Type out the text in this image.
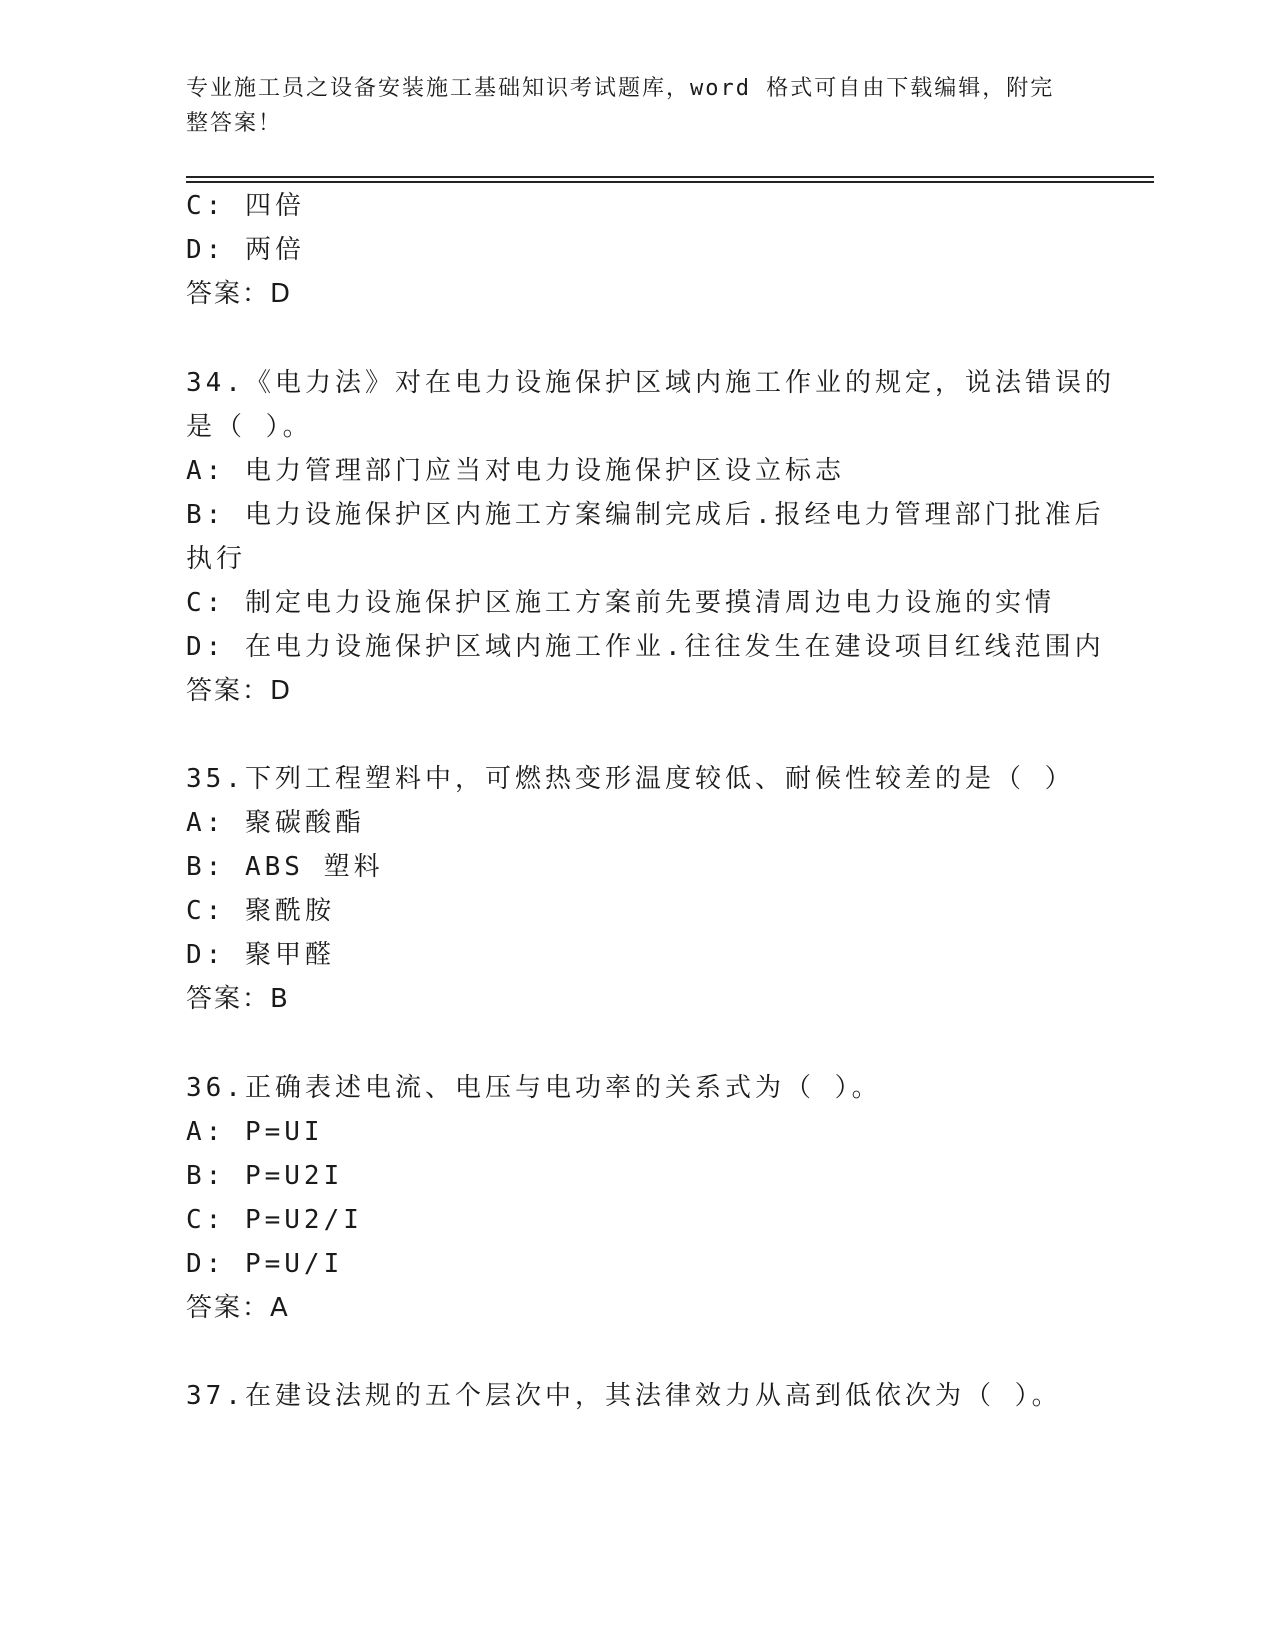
专业施工员之设备安装施工基础知识考试题库，word 格式可自由下载编辑，附完
整答案！
C: 四倍
D: 两倍
答案：D
34.《电力法》对在电力设施保护区域内施工作业的规定，说法错误的
是（ ）。
A: 电力管理部门应当对电力设施保护区设立标志
B: 电力设施保护区内施工方案编制完成后.报经电力管理部门批准后
执行
C: 制定电力设施保护区施工方案前先要摸清周边电力设施的实情
D: 在电力设施保护区域内施工作业.往往发生在建设项目红线范围内
答案：D
35.下列工程塑料中，可燃热变形温度较低、耐候性较差的是（ ）
A: 聚碳酸酯
B: ABS 塑料
C: 聚酰胺
D: 聚甲醛
答案：B
36.正确表述电流、电压与电功率的关系式为（ ）。
A: P=UI
B: P=U2I
C: P=U2/I
D: P=U/I
答案：A
37.在建设法规的五个层次中，其法律效力从高到低依次为（ ）。
